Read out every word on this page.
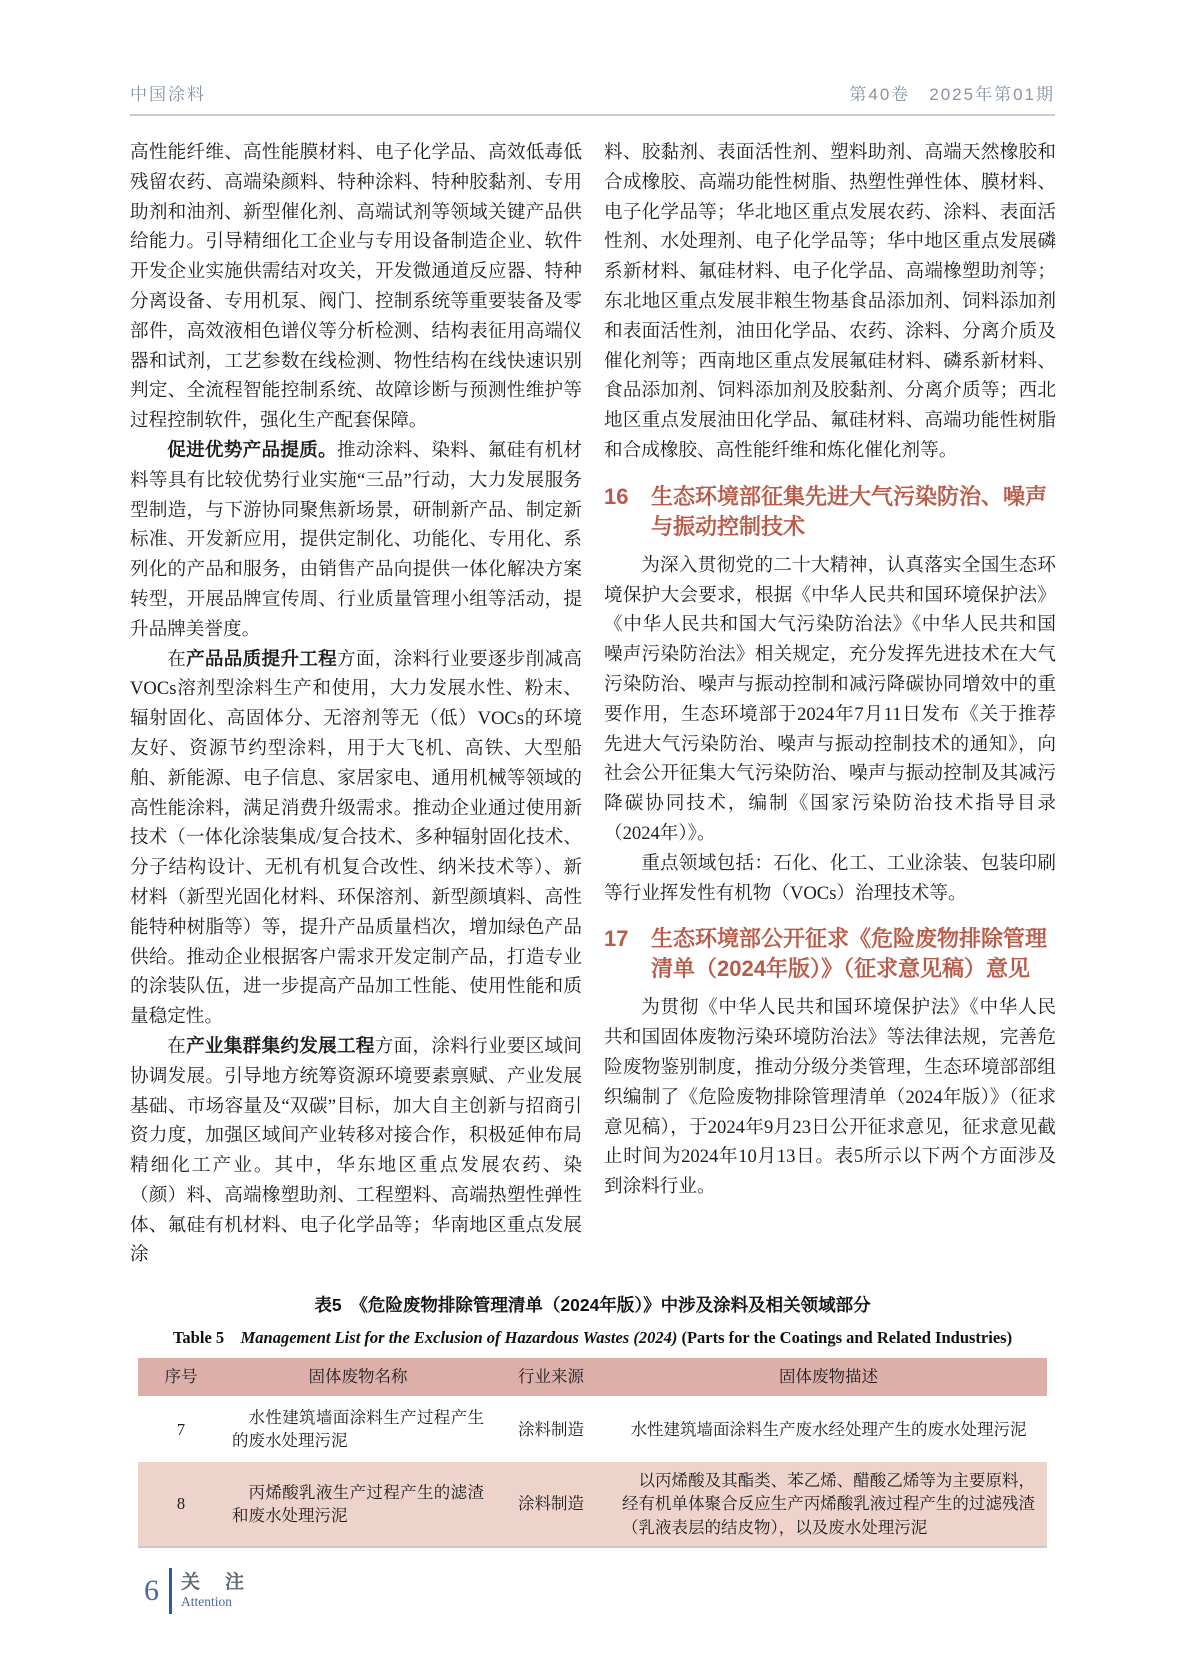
中国涂料	第40卷　2025年第01期

高性能纤维、高性能膜材料、电子化学品、高效低毒低残留农药、高端染颜料、特种涂料、特种胶黏剂、专用助剂和油剂、新型催化剂、高端试剂等领域关键产品供给能力。引导精细化工企业与专用设备制造企业、软件开发企业实施供需结对攻关，开发微通道反应器、特种分离设备、专用机泵、阀门、控制系统等重要装备及零部件，高效液相色谱仪等分析检测、结构表征用高端仪器和试剂，工艺参数在线检测、物性结构在线快速识别判定、全流程智能控制系统、故障诊断与预测性维护等过程控制软件，强化生产配套保障。

促进优势产品提质。推动涂料、染料、氟硅有机材料等具有比较优势行业实施“三品”行动，大力发展服务型制造，与下游协同聚焦新场景，研制新产品、制定新标准、开发新应用，提供定制化、功能化、专用化、系列化的产品和服务，由销售产品向提供一体化解决方案转型，开展品牌宣传周、行业质量管理小组等活动，提升品牌美誉度。

在产品品质提升工程方面，涂料行业要逐步削减高VOCs溶剂型涂料生产和使用，大力发展水性、粉末、辐射固化、高固体分、无溶剂等无（低）VOCs的环境友好、资源节约型涂料，用于大飞机、高铁、大型船舶、新能源、电子信息、家居家电、通用机械等领域的高性能涂料，满足消费升级需求。推动企业通过使用新技术（一体化涂装集成/复合技术、多种辐射固化技术、分子结构设计、无机有机复合改性、纳米技术等）、新材料（新型光固化材料、环保溶剂、新型颜填料、高性能特种树脂等）等，提升产品质量档次，增加绿色产品供给。推动企业根据客户需求开发定制产品，打造专业的涂装队伍，进一步提高产品加工性能、使用性能和质量稳定性。

在产业集群集约发展工程方面，涂料行业要区域间协调发展。引导地方统筹资源环境要素禀赋、产业发展基础、市场容量及“双碳”目标，加大自主创新与招商引资力度，加强区域间产业转移对接合作，积极延伸布局精细化工产业。其中，华东地区重点发展农药、染（颜）料、高端橡塑助剂、工程塑料、高端热塑性弹性体、氟硅有机材料、电子化学品等；华南地区重点发展涂

料、胶黏剂、表面活性剂、塑料助剂、高端天然橡胶和合成橡胶、高端功能性树脂、热塑性弹性体、膜材料、电子化学品等；华北地区重点发展农药、涂料、表面活性剂、水处理剂、电子化学品等；华中地区重点发展磷系新材料、氟硅材料、电子化学品、高端橡塑助剂等；东北地区重点发展非粮生物基食品添加剂、饲料添加剂和表面活性剂，油田化学品、农药、涂料、分离介质及催化剂等；西南地区重点发展氟硅材料、磷系新材料、食品添加剂、饲料添加剂及胶黏剂、分离介质等；西北地区重点发展油田化学品、氟硅材料、高端功能性树脂和合成橡胶、高性能纤维和炼化催化剂等。

16	生态环境部征集先进大气污染防治、噪声与振动控制技术

为深入贯彻党的二十大精神，认真落实全国生态环境保护大会要求，根据《中华人民共和国环境保护法》《中华人民共和国大气污染防治法》《中华人民共和国噪声污染防治法》相关规定，充分发挥先进技术在大气污染防治、噪声与振动控制和减污降碳协同增效中的重要作用，生态环境部于2024年7月11日发布《关于推荐先进大气污染防治、噪声与振动控制技术的通知》，向社会公开征集大气污染防治、噪声与振动控制及其减污降碳协同技术，编制《国家污染防治技术指导目录（2024年）》。

重点领域包括：石化、化工、工业涂装、包装印刷等行业挥发性有机物（VOCs）治理技术等。

17	生态环境部公开征求《危险废物排除管理清单（2024年版）》（征求意见稿）意见

为贯彻《中华人民共和国环境保护法》《中华人民共和国固体废物污染环境防治法》等法律法规，完善危险废物鉴别制度，推动分级分类管理，生态环境部部组织编制了《危险废物排除管理清单（2024年版）》（征求意见稿），于2024年9月23日公开征求意见，征求意见截止时间为2024年10月13日。表5所示以下两个方面涉及到涂料行业。

表5　《危险废物排除管理清单（2024年版）》中涉及涂料及相关领域部分
Table 5　Management List for the Exclusion of Hazardous Wastes (2024) (Parts for the Coatings and Related Industries)
序号	固体废物名称	行业来源	固体废物描述
7	水性建筑墙面涂料生产过程产生的废水处理污泥	涂料制造	水性建筑墙面涂料生产废水经处理产生的废水处理污泥
8	丙烯酸乳液生产过程产生的滤渣和废水处理污泥	涂料制造	以丙烯酸及其酯类、苯乙烯、醋酸乙烯等为主要原料，经有机单体聚合反应生产丙烯酸乳液过程产生的过滤残渣（乳液表层的结皮物），以及废水处理污泥
6 关　注
Attention
